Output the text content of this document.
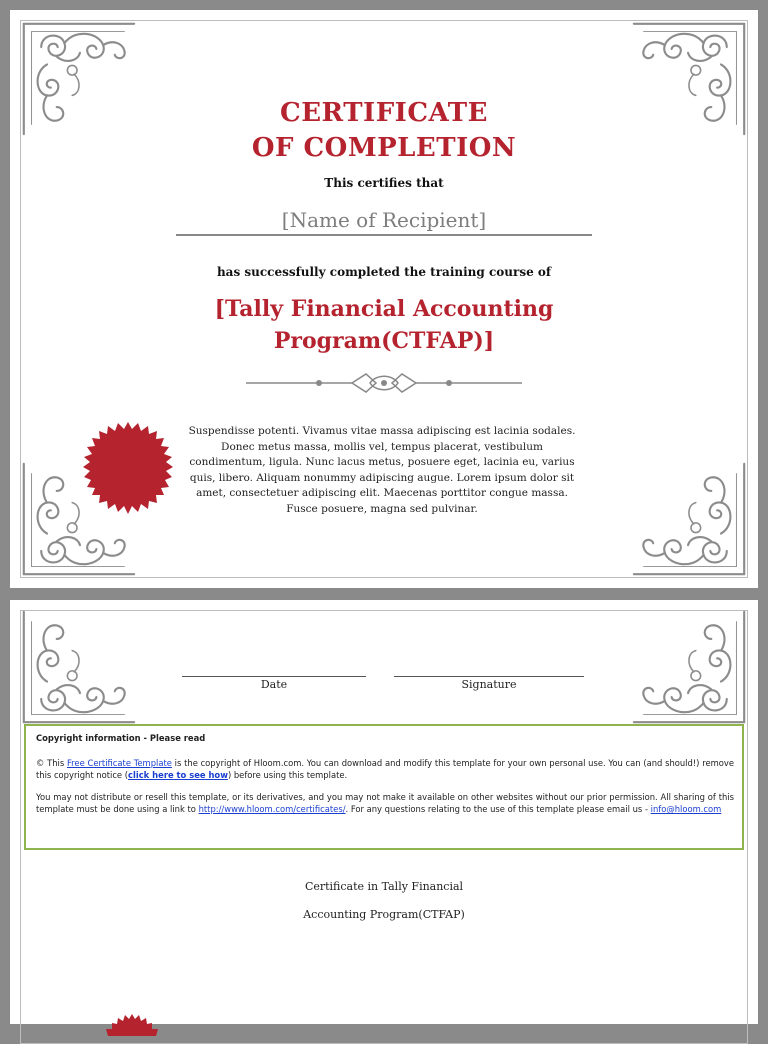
CERTIFICATE
OF COMPLETION
This certifies that
[Name of Recipient]
has successfully completed the training course of
[Tally Financial Accounting
Program(CTFAP)]
Suspendisse potenti. Vivamus vitae massa adipiscing est lacinia sodales. Donec metus massa, mollis vel, tempus placerat, vestibulum condimentum, ligula. Nunc lacus metus, posuere eget, lacinia eu, varius quis, libero. Aliquam nonummy adipiscing augue. Lorem ipsum dolor sit amet, consectetuer adipiscing elit. Maecenas porttitor congue massa. Fusce posuere, magna sed pulvinar.
Date	Signature

Copyright information - Please read

© This Free Certificate Template is the copyright of Hloom.com. You can download and modify this template for your own personal use. You can (and should!) remove this copyright notice (click here to see how) before using this template.

You may not distribute or resell this template, or its derivatives, and you may not make it available on other websites without our prior permission. All sharing of this template must be done using a link to http://www.hloom.com/certificates/. For any questions relating to the use of this template please email us - info@hloom.com

Certificate in Tally Financial
Accounting Program(CTFAP)
